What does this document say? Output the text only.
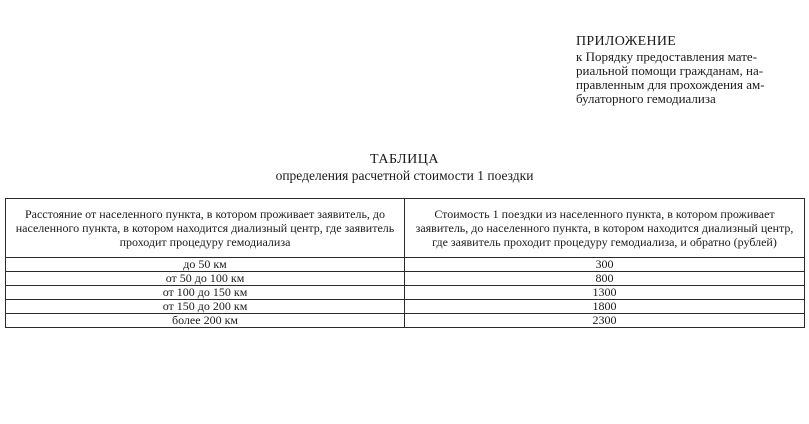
ПРИЛОЖЕНИЕ
к Порядку предоставления мате-
риальной помощи гражданам, на-
правленным для прохождения ам-
булаторного гемодиализа
ТАБЛИЦА
определения расчетной стоимости 1 поездки
Расстояние от населенного пункта, в котором проживает заявитель, до населенного пункта, в котором находится диализный центр, где заявитель проходит процедуру гемодиализа	Стоимость 1 поездки из населенного пункта, в котором проживает заявитель, до населенного пункта, в котором находится диализный центр, где заявитель проходит процедуру гемодиализа, и обратно (рублей)
до 50 км	300
от 50 до 100 км	800
от 100 до 150 км	1300
от 150 до 200 км	1800
более 200 км	2300
